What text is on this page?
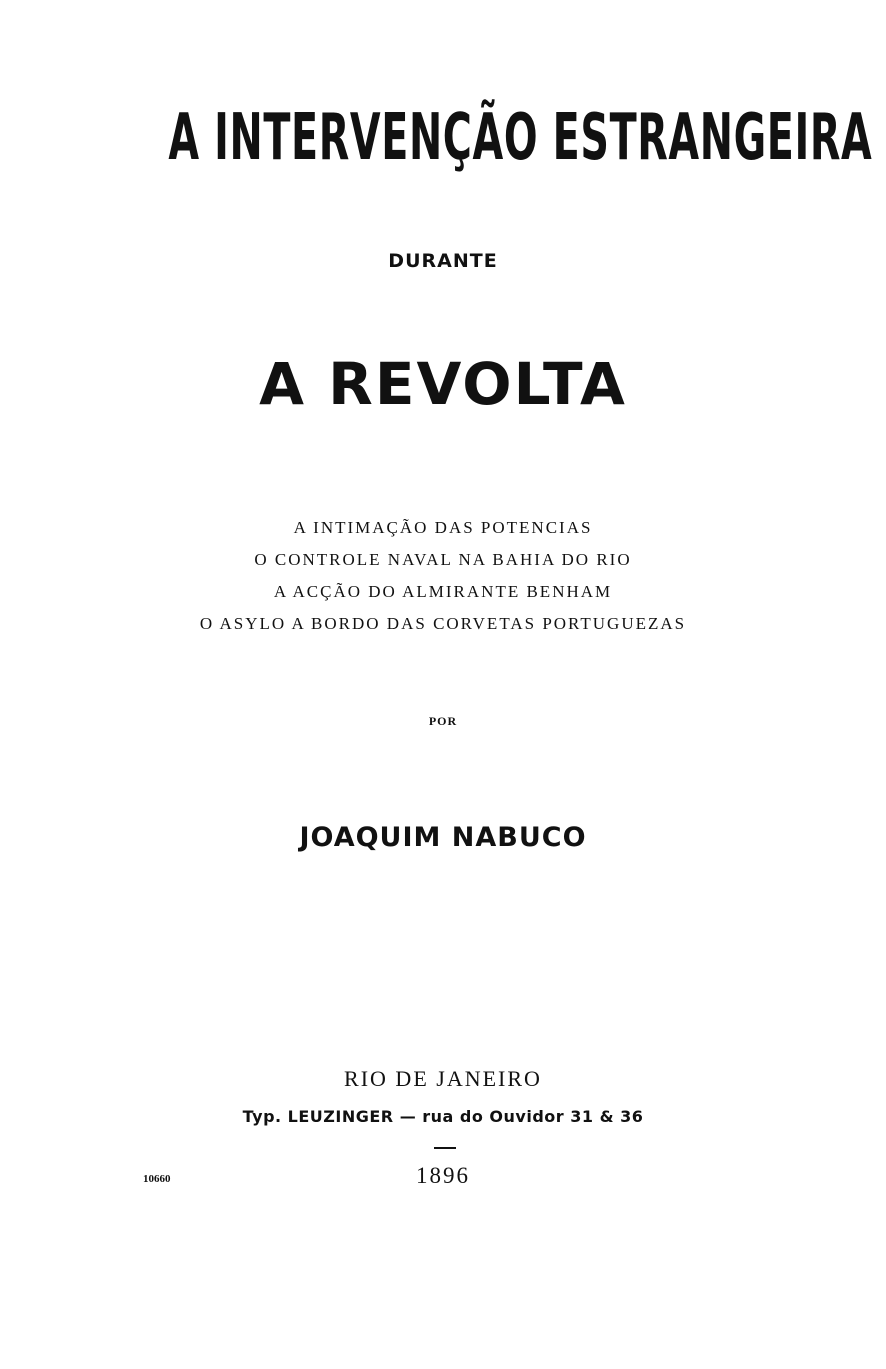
A INTERVENÇÃO ESTRANGEIRA
DURANTE
A REVOLTA
A INTIMAÇÃO DAS POTENCIAS
O CONTROLE NAVAL NA BAHIA DO RIO
A ACÇÃO DO ALMIRANTE BENHAM
O ASYLO A BORDO DAS CORVETAS PORTUGUEZAS
POR
JOAQUIM NABUCO
RIO DE JANEIRO
Typ. LEUZINGER — rua do Ouvidor 31 & 36
1896
10660
